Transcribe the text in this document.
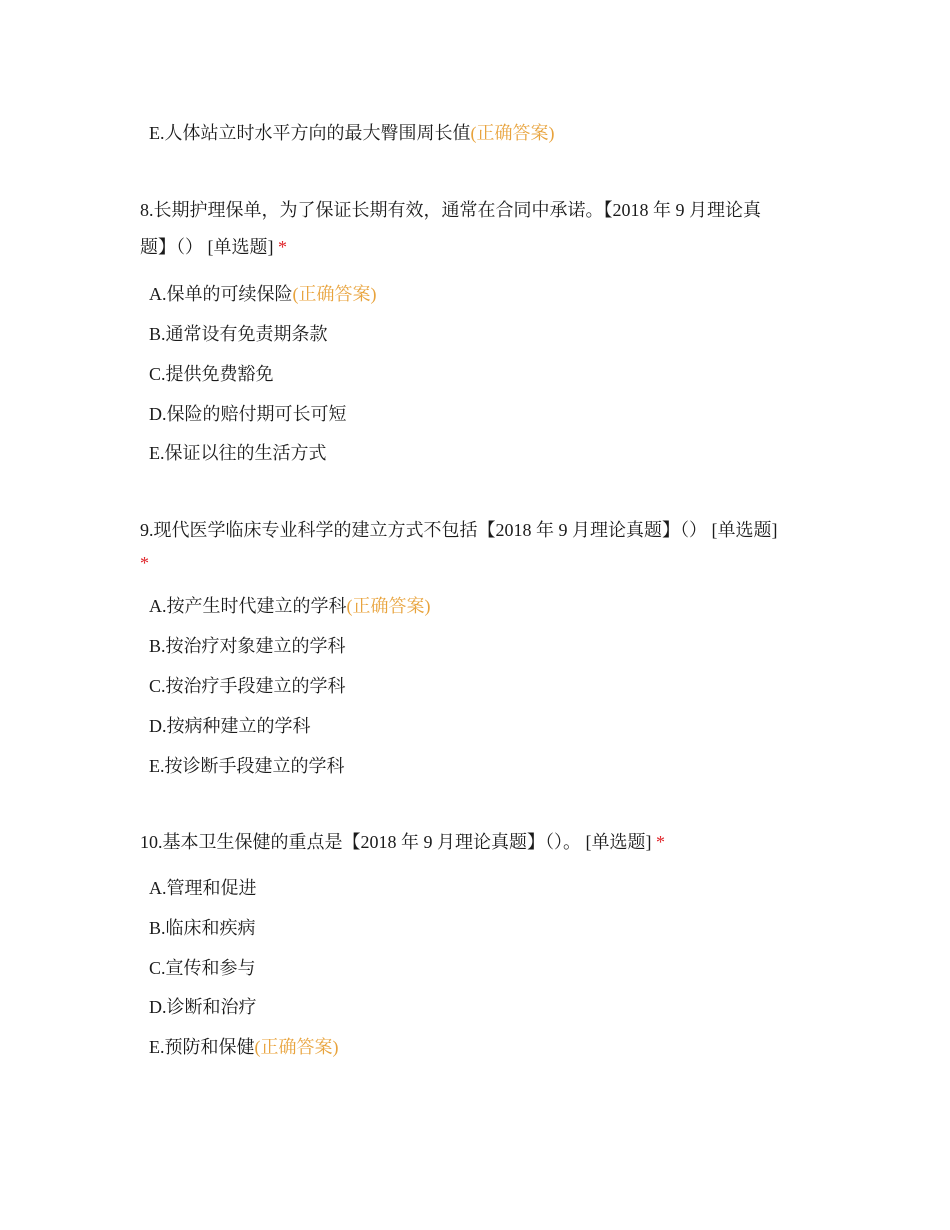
E.人体站立时水平方向的最大臀围周长值(正确答案)
8.长期护理保单，为了保证长期有效，通常在合同中承诺。【2018 年 9 月理论真
题】（） [单选题] *
A.保单的可续保险(正确答案)
B.通常设有免责期条款
C.提供免费豁免
D.保险的赔付期可长可短
E.保证以往的生活方式
9.现代医学临床专业科学的建立方式不包括【2018 年 9 月理论真题】（） [单选题]
*
A.按产生时代建立的学科(正确答案)
B.按治疗对象建立的学科
C.按治疗手段建立的学科
D.按病种建立的学科
E.按诊断手段建立的学科
10.基本卫生保健的重点是【2018 年 9 月理论真题】（）。 [单选题] *
A.管理和促进
B.临床和疾病
C.宣传和参与
D.诊断和治疗
E.预防和保健(正确答案)
